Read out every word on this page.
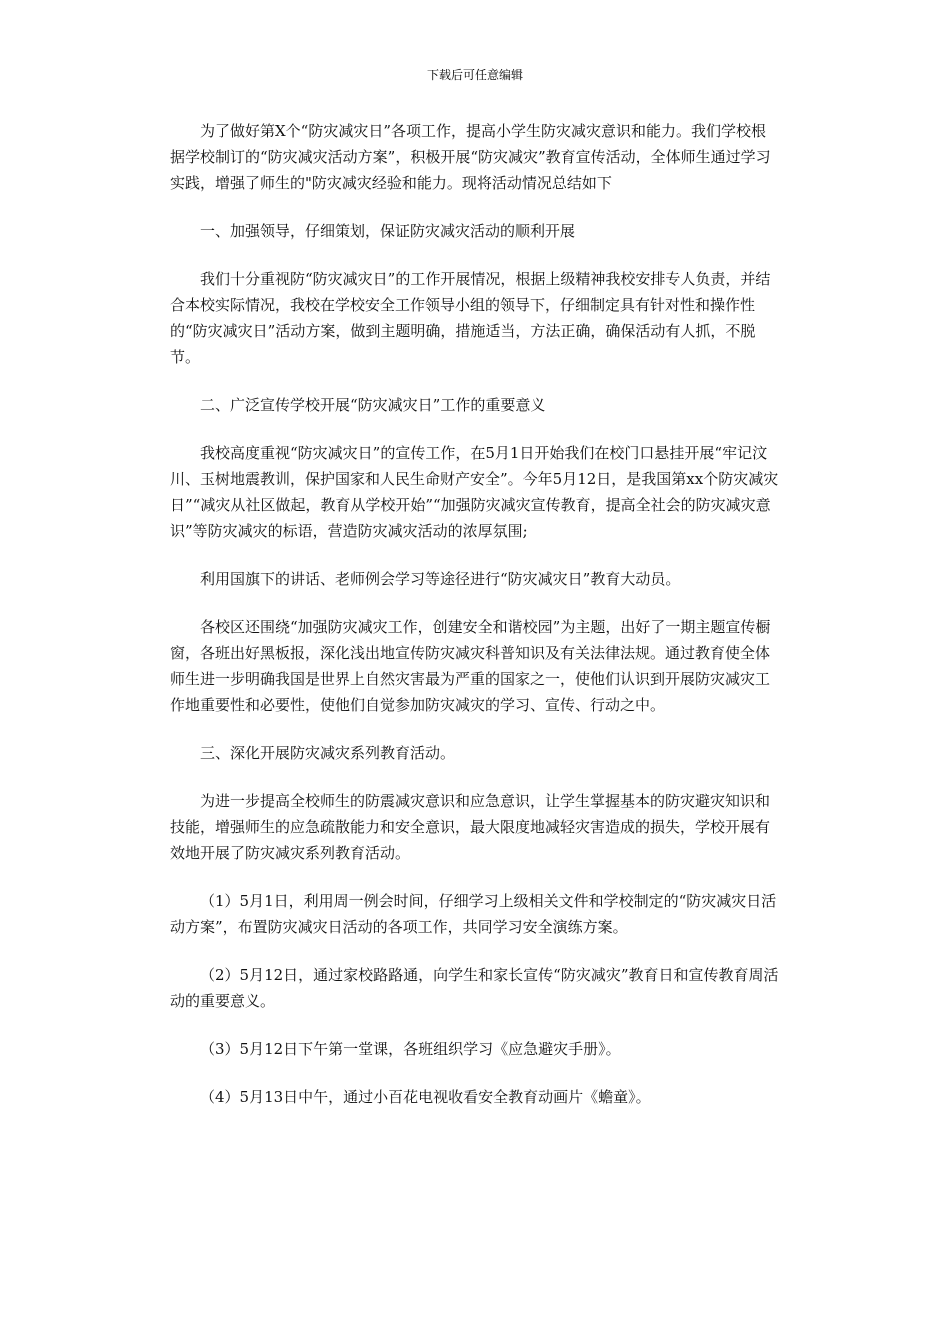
下载后可任意编辑

为了做好第X个“防灾减灾日”各项工作，提高小学生防灾减灾意识和能力。我们学校根据学校制订的“防灾减灾活动方案”，积极开展“防灾减灾”教育宣传活动，全体师生通过学习实践，增强了师生的"防灾减灾经验和能力。现将活动情况总结如下

一、加强领导，仔细策划，保证防灾减灾活动的顺利开展

我们十分重视防“防灾减灾日”的工作开展情况，根据上级精神我校安排专人负责，并结合本校实际情况，我校在学校安全工作领导小组的领导下，仔细制定具有针对性和操作性的“防灾减灾日”活动方案，做到主题明确，措施适当，方法正确，确保活动有人抓，不脱节。

二、广泛宣传学校开展“防灾减灾日”工作的重要意义

我校高度重视“防灾减灾日”的宣传工作，在5月1日开始我们在校门口悬挂开展“牢记汶川、玉树地震教训，保护国家和人民生命财产安全”。今年5月12日，是我国第xx个防灾减灾日”“减灾从社区做起，教育从学校开始”“加强防灾减灾宣传教育，提高全社会的防灾减灾意识”等防灾减灾的标语，营造防灾减灾活动的浓厚氛围;

利用国旗下的讲话、老师例会学习等途径进行“防灾减灾日”教育大动员。

各校区还围绕“加强防灾减灾工作，创建安全和谐校园”为主题，出好了一期主题宣传橱窗，各班出好黑板报，深化浅出地宣传防灾减灾科普知识及有关法律法规。通过教育使全体师生进一步明确我国是世界上自然灾害最为严重的国家之一，使他们认识到开展防灾减灾工作地重要性和必要性，使他们自觉参加防灾减灾的学习、宣传、行动之中。

三、深化开展防灾减灾系列教育活动。

为进一步提高全校师生的防震减灾意识和应急意识，让学生掌握基本的防灾避灾知识和技能，增强师生的应急疏散能力和安全意识，最大限度地减轻灾害造成的损失，学校开展有效地开展了防灾减灾系列教育活动。

（1）5月1日，利用周一例会时间，仔细学习上级相关文件和学校制定的“防灾减灾日活动方案”，布置防灾减灾日活动的各项工作，共同学习安全演练方案。

（2）5月12日，通过家校路路通，向学生和家长宣传“防灾减灾”教育日和宣传教育周活动的重要意义。

（3）5月12日下午第一堂课，各班组织学习《应急避灾手册》。

（4）5月13日中午，通过小百花电视收看安全教育动画片《蟾童》。
